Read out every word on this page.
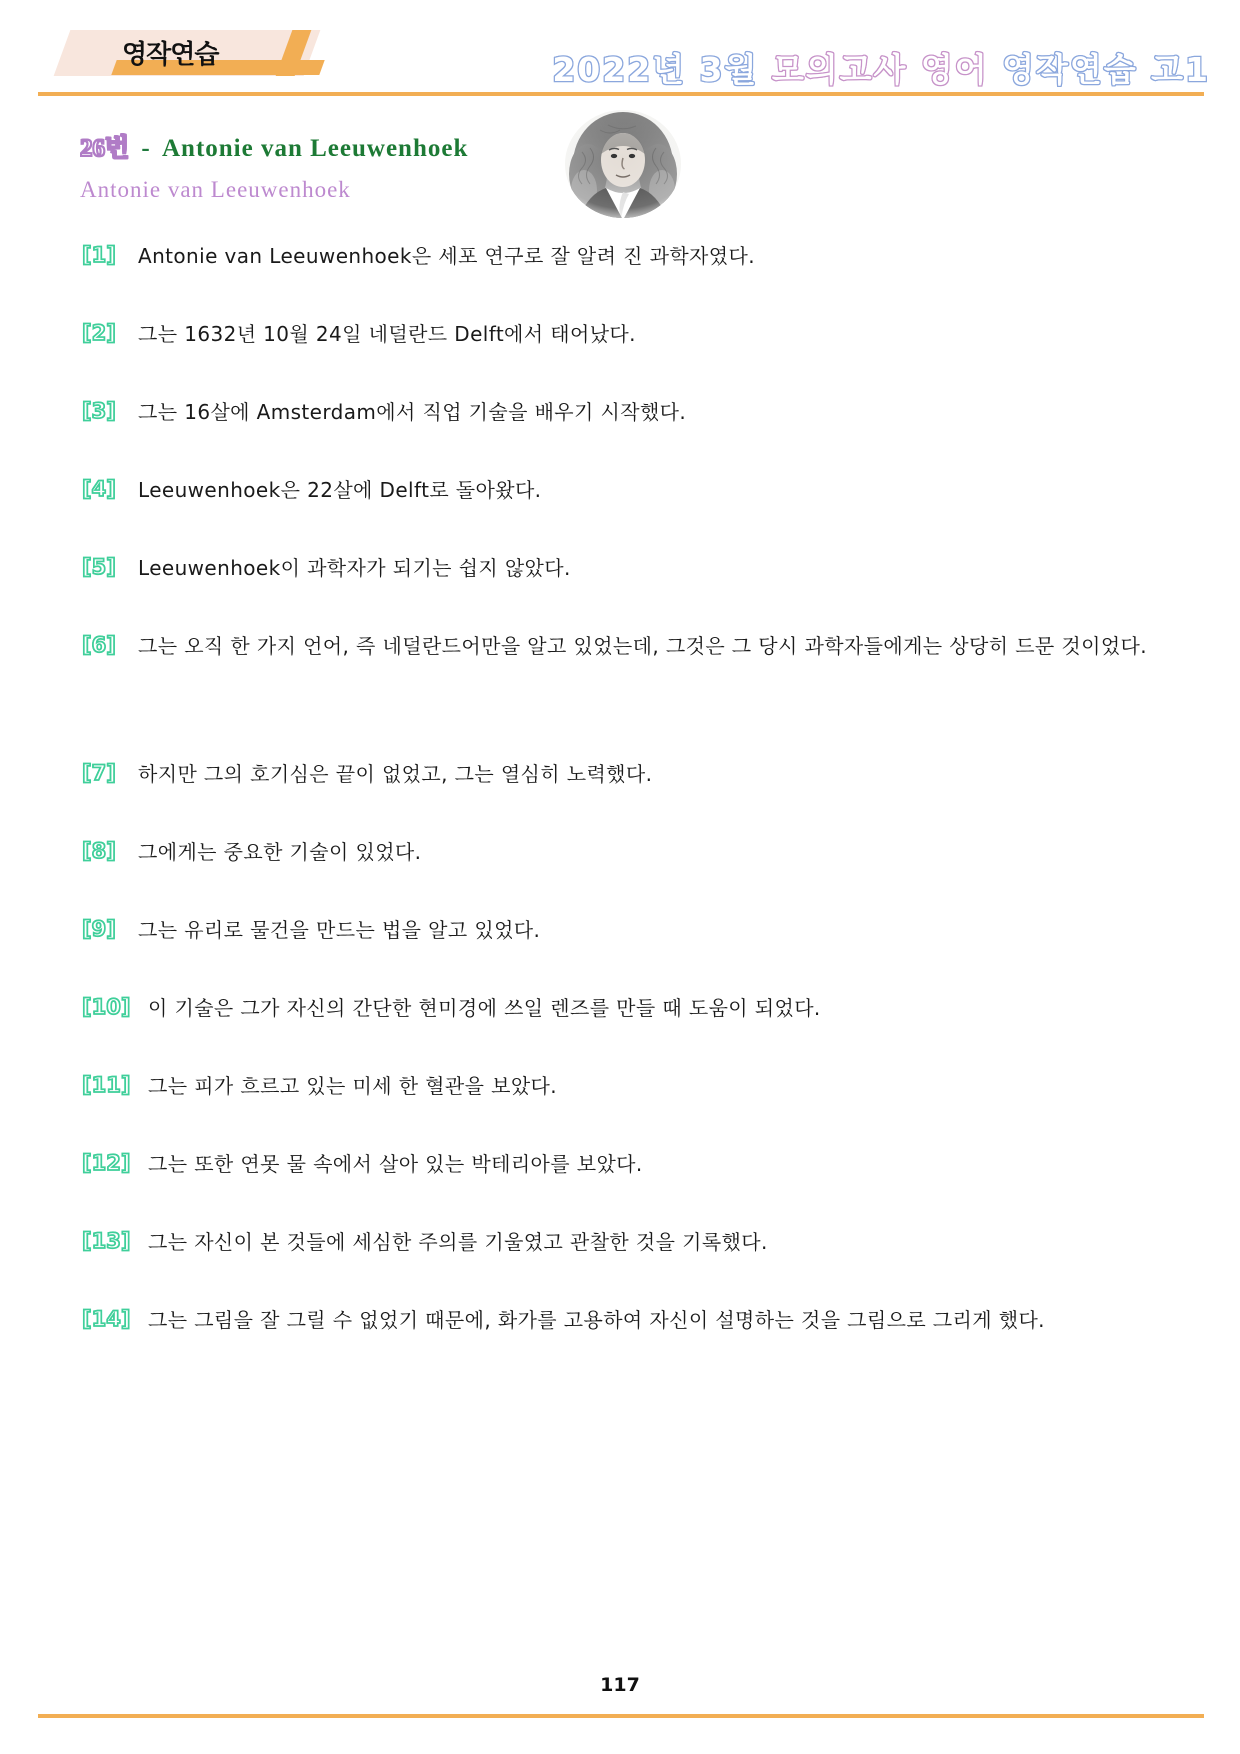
영작연습	2022년 3월 모의고사 영어 영작연습 고1
26번 - Antonie van Leeuwenhoek
Antonie van Leeuwenhoek
[1]	Antonie van Leeuwenhoek은 세포 연구로 잘 알려 진 과학자였다.
[2]	그는 1632년 10월 24일 네덜란드 Delft에서 태어났다.
[3]	그는 16살에 Amsterdam에서 직업 기술을 배우기 시작했다.
[4]	Leeuwenhoek은 22살에 Delft로 돌아왔다.
[5]	Leeuwenhoek이 과학자가 되기는 쉽지 않았다.
[6]	그는 오직 한 가지 언어, 즉 네덜란드어만을 알고 있었는데, 그것은 그 당시 과학자들에게는 상당히 드문 것이었다.
[7]	하지만 그의 호기심은 끝이 없었고, 그는 열심히 노력했다.
[8]	그에게는 중요한 기술이 있었다.
[9]	그는 유리로 물건을 만드는 법을 알고 있었다.
[10] 이 기술은 그가 자신의 간단한 현미경에 쓰일 렌즈를 만들 때 도움이 되었다.
[11] 그는 피가 흐르고 있는 미세 한 혈관을 보았다.
[12] 그는 또한 연못 물 속에서 살아 있는 박테리아를 보았다.
[13] 그는 자신이 본 것들에 세심한 주의를 기울였고 관찰한 것을 기록했다.
[14] 그는 그림을 잘 그릴 수 없었기 때문에, 화가를 고용하여 자신이 설명하는 것을 그림으로 그리게 했다.
117
